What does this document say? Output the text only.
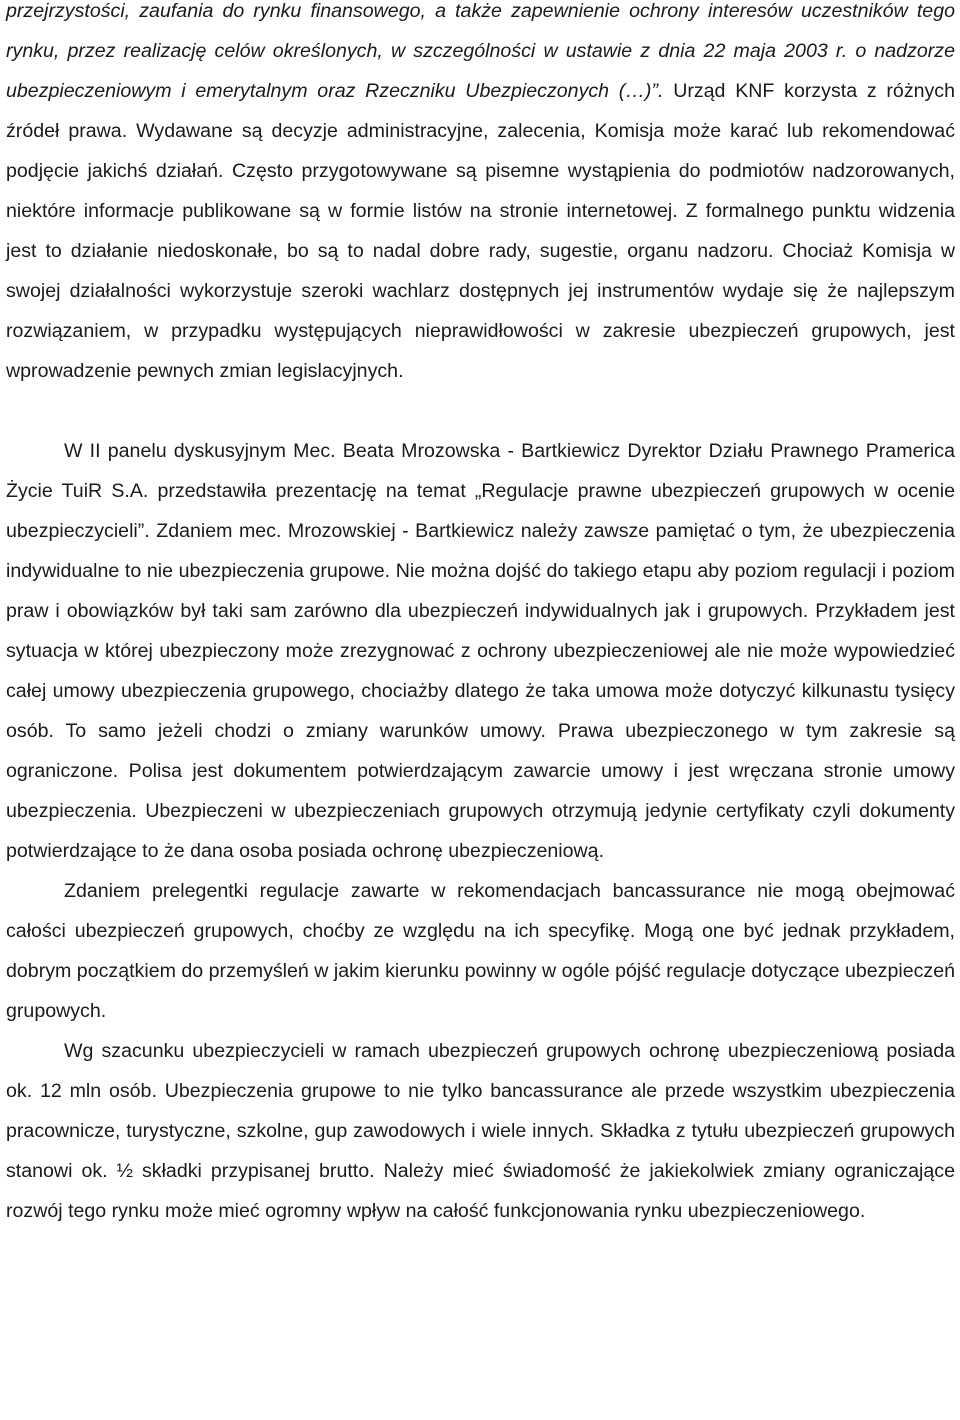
przejrzystości, zaufania do rynku finansowego, a także zapewnienie ochrony interesów uczestników tego rynku, przez realizację celów określonych, w szczególności w ustawie z dnia 22 maja 2003 r. o nadzorze ubezpieczeniowym i emerytalnym oraz Rzeczniku Ubezpieczonych (…)”. Urząd KNF korzysta z różnych źródeł prawa. Wydawane są decyzje administracyjne, zalecenia, Komisja może karać lub rekomendować podjęcie jakichś działań. Często przygotowywane są pisemne wystąpienia do podmiotów nadzorowanych, niektóre informacje publikowane są w formie listów na stronie internetowej. Z formalnego punktu widzenia jest to działanie niedoskonałe, bo są to nadal dobre rady, sugestie, organu nadzoru. Chociaż Komisja w swojej działalności wykorzystuje szeroki wachlarz dostępnych jej instrumentów wydaje się że najlepszym rozwiązaniem, w przypadku występujących nieprawidłowości w zakresie ubezpieczeń grupowych, jest wprowadzenie pewnych zmian legislacyjnych.

W II panelu dyskusyjnym Mec. Beata Mrozowska - Bartkiewicz Dyrektor Działu Prawnego Pramerica Życie TuiR S.A. przedstawiła prezentację na temat „Regulacje prawne ubezpieczeń grupowych w ocenie ubezpieczycieli”. Zdaniem mec. Mrozowskiej - Bartkiewicz należy zawsze pamiętać o tym, że ubezpieczenia indywidualne to nie ubezpieczenia grupowe. Nie można dojść do takiego etapu aby poziom regulacji i poziom praw i obowiązków był taki sam zarówno dla ubezpieczeń indywidualnych jak i grupowych. Przykładem jest sytuacja w której ubezpieczony może zrezygnować z ochrony ubezpieczeniowej ale nie może wypowiedzieć całej umowy ubezpieczenia grupowego, chociażby dlatego że taka umowa może dotyczyć kilkunastu tysięcy osób. To samo jeżeli chodzi o zmiany warunków umowy. Prawa ubezpieczonego w tym zakresie są ograniczone. Polisa jest dokumentem potwierdzającym zawarcie umowy i jest wręczana stronie umowy ubezpieczenia. Ubezpieczeni w ubezpieczeniach grupowych otrzymują jedynie certyfikaty czyli dokumenty potwierdzające to że dana osoba posiada ochronę ubezpieczeniową.

Zdaniem prelegentki regulacje zawarte w rekomendacjach bancassurance nie mogą obejmować całości ubezpieczeń grupowych, choćby ze względu na ich specyfikę. Mogą one być jednak przykładem, dobrym początkiem do przemyśleń w jakim kierunku powinny w ogóle pójść regulacje dotyczące ubezpieczeń grupowych.

Wg szacunku ubezpieczycieli w ramach ubezpieczeń grupowych ochronę ubezpieczeniową posiada ok. 12 mln osób. Ubezpieczenia grupowe to nie tylko bancassurance ale przede wszystkim ubezpieczenia pracownicze, turystyczne, szkolne, gup zawodowych i wiele innych. Składka z tytułu ubezpieczeń grupowych stanowi ok. ½ składki przypisanej brutto. Należy mieć świadomość że jakiekolwiek zmiany ograniczające rozwój tego rynku może mieć ogromny wpływ na całość funkcjonowania rynku ubezpieczeniowego.
